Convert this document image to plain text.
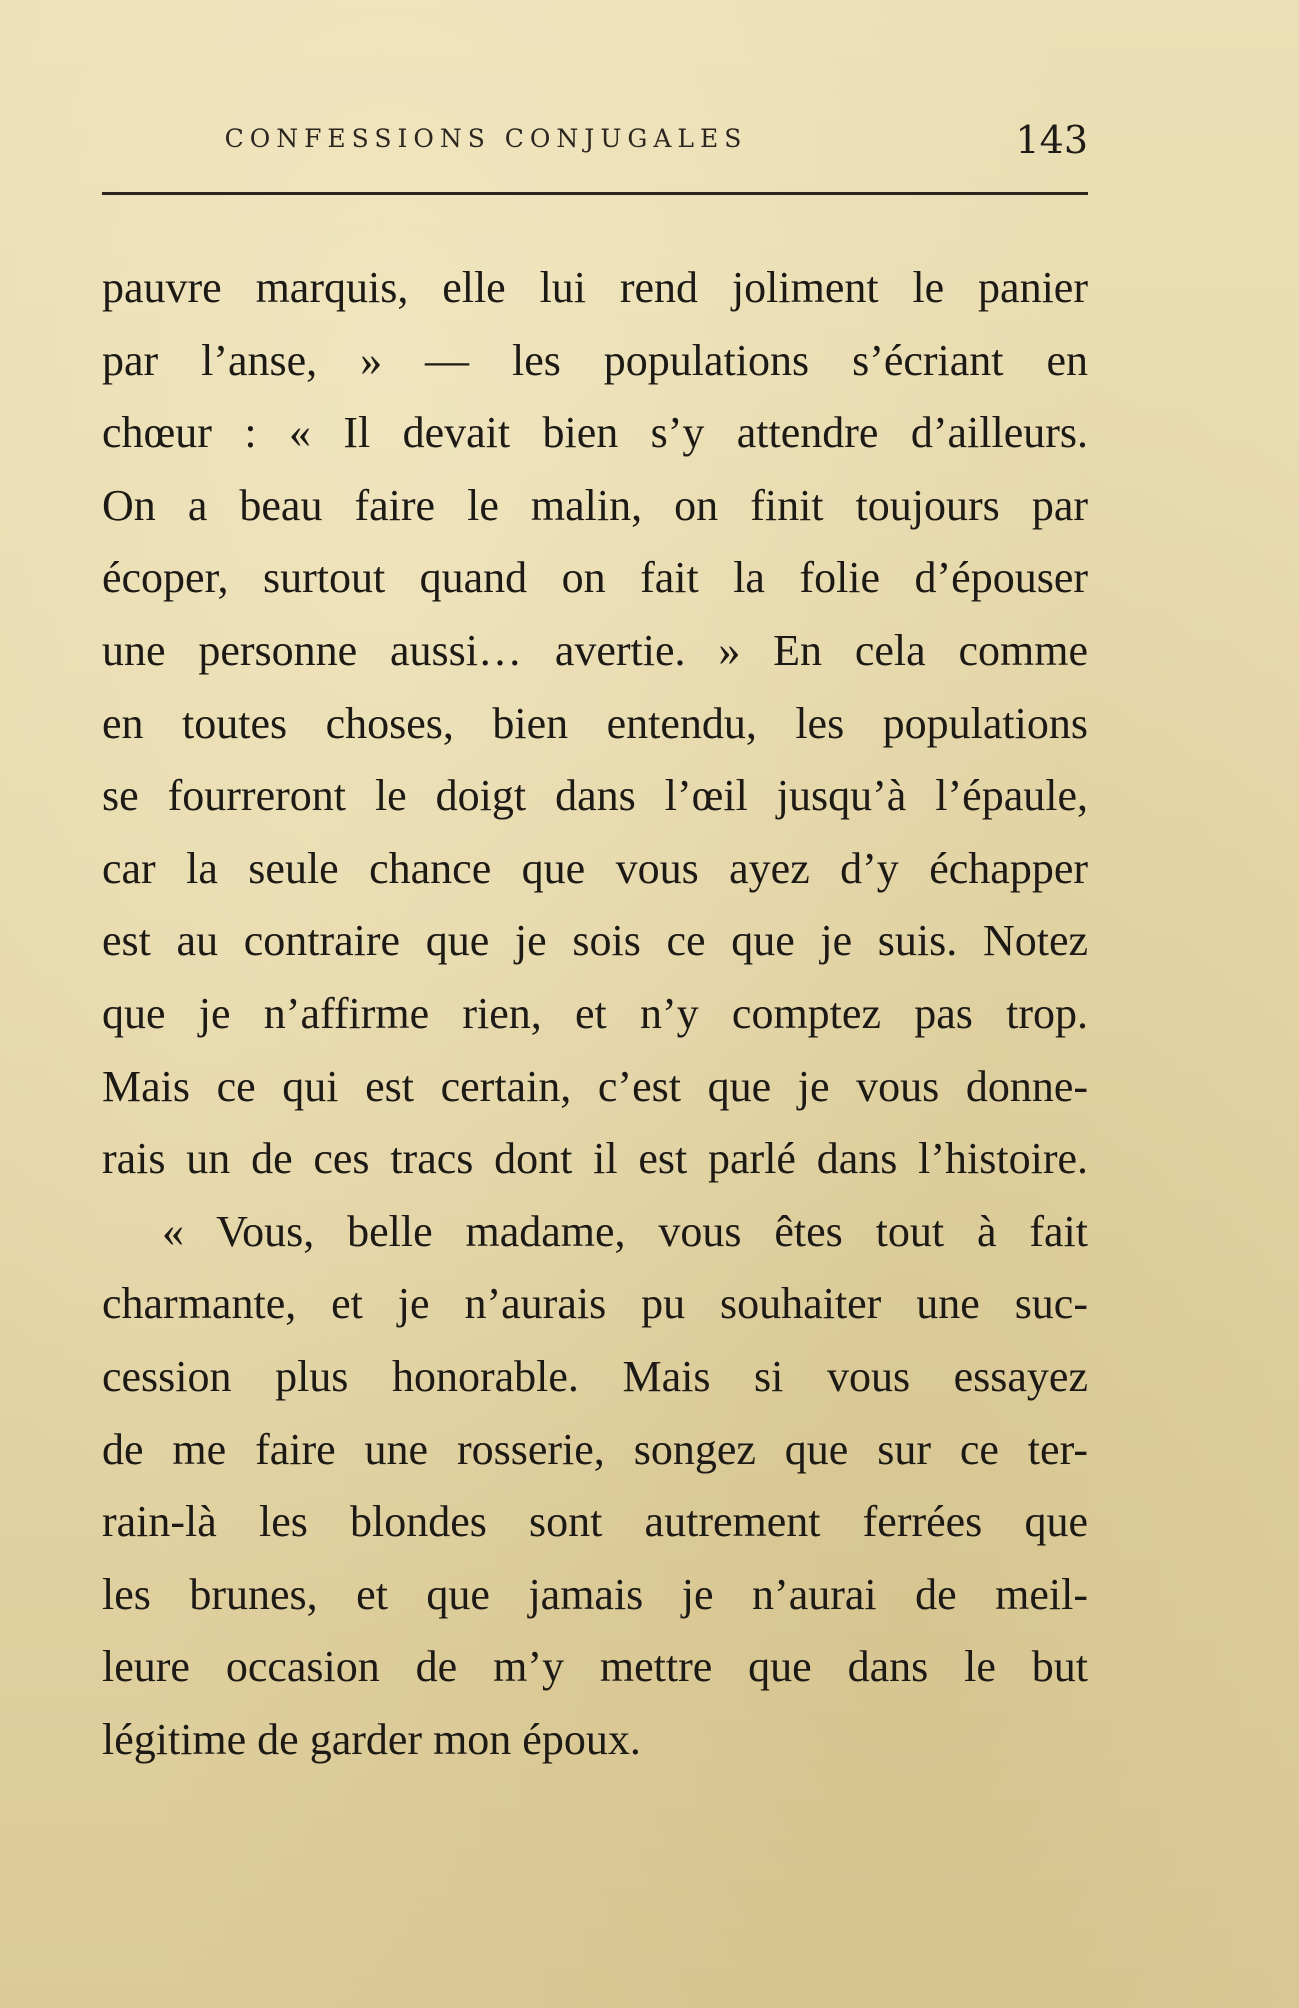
CONFESSIONS CONJUGALES	143
pauvre marquis, elle lui rend joliment le panier
par l’anse, » — les populations s’écriant en
chœur : « Il devait bien s’y attendre d’ailleurs.
On a beau faire le malin, on finit toujours par
écoper, surtout quand on fait la folie d’épouser
une personne aussi… avertie. » En cela comme
en toutes choses, bien entendu, les populations
se fourreront le doigt dans l’œil jusqu’à l’épaule,
car la seule chance que vous ayez d’y échapper
est au contraire que je sois ce que je suis. Notez
que je n’affirme rien, et n’y comptez pas trop.
Mais ce qui est certain, c’est que je vous donne-
rais un de ces tracs dont il est parlé dans l’histoire.
« Vous, belle madame, vous êtes tout à fait
charmante, et je n’aurais pu souhaiter une suc-
cession plus honorable. Mais si vous essayez
de me faire une rosserie, songez que sur ce ter-
rain-là les blondes sont autrement ferrées que
les brunes, et que jamais je n’aurai de meil-
leure occasion de m’y mettre que dans le but
légitime de garder mon époux.
